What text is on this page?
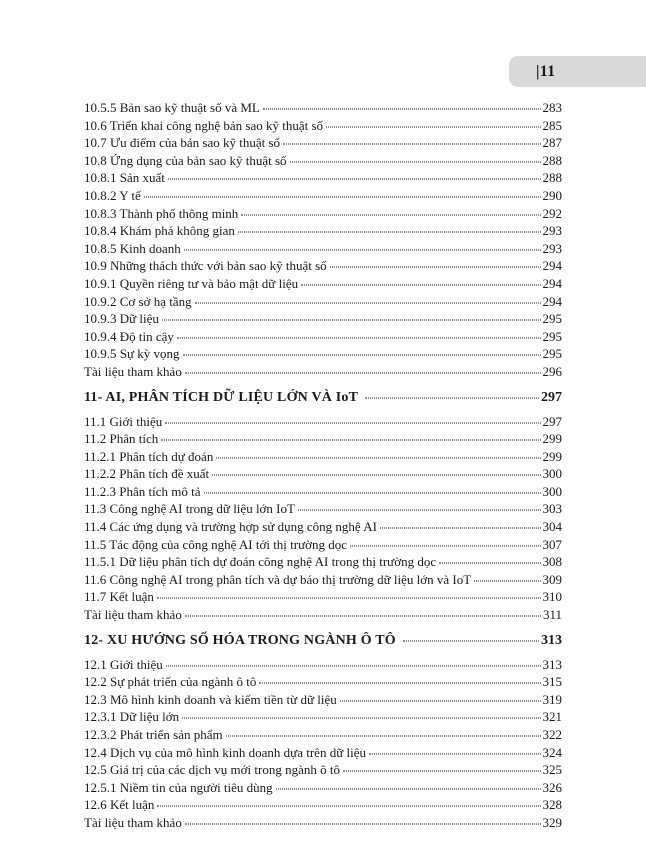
|11
10.5.5 Bản sao kỹ thuật số và ML	283
10.6 Triển khai công nghệ bản sao kỹ thuật số	285
10.7 Ưu điểm của bản sao kỹ thuật số	287
10.8 Ứng dụng của bản sao kỹ thuật số	288
10.8.1 Sản xuất	288
10.8.2 Y tế	290
10.8.3 Thành phố thông minh	292
10.8.4 Khám phá không gian	293
10.8.5 Kinh doanh	293
10.9 Những thách thức với bản sao kỹ thuật số	294
10.9.1 Quyền riêng tư và bảo mật dữ liệu	294
10.9.2 Cơ sở hạ tầng	294
10.9.3 Dữ liệu	295
10.9.4 Độ tin cậy	295
10.9.5 Sự kỳ vọng	295
Tài liệu tham khảo	296
11- AI, PHÂN TÍCH DỮ LIỆU LỚN VÀ IoT	297
11.1 Giới thiệu	297
11.2 Phân tích	299
11.2.1 Phân tích dự đoán	299
11.2.2 Phân tích đề xuất	300
11.2.3 Phân tích mô tả	300
11.3 Công nghệ AI trong dữ liệu lớn IoT	303
11.4 Các ứng dụng và trường hợp sử dụng công nghệ AI	304
11.5 Tác động của công nghệ AI tới thị trường dọc	307
11.5.1 Dữ liệu phân tích dự đoán công nghệ AI trong thị trường dọc	308
11.6 Công nghệ AI trong phân tích và dự báo thị trường dữ liệu lớn và IoT	309
11.7 Kết luận	310
Tài liệu tham khảo	311
12- XU HƯỚNG SỐ HÓA TRONG NGÀNH Ô TÔ	313
12.1 Giới thiệu	313
12.2 Sự phát triển của ngành ô tô	315
12.3 Mô hình kinh doanh và kiếm tiền từ dữ liệu	319
12.3.1 Dữ liệu lớn	321
12.3.2 Phát triển sản phẩm	322
12.4 Dịch vụ của mô hình kinh doanh dựa trên dữ liệu	324
12.5 Giá trị của các dịch vụ mới trong ngành ô tô	325
12.5.1 Niềm tin của người tiêu dùng	326
12.6 Kết luận	328
Tài liệu tham khảo	329
